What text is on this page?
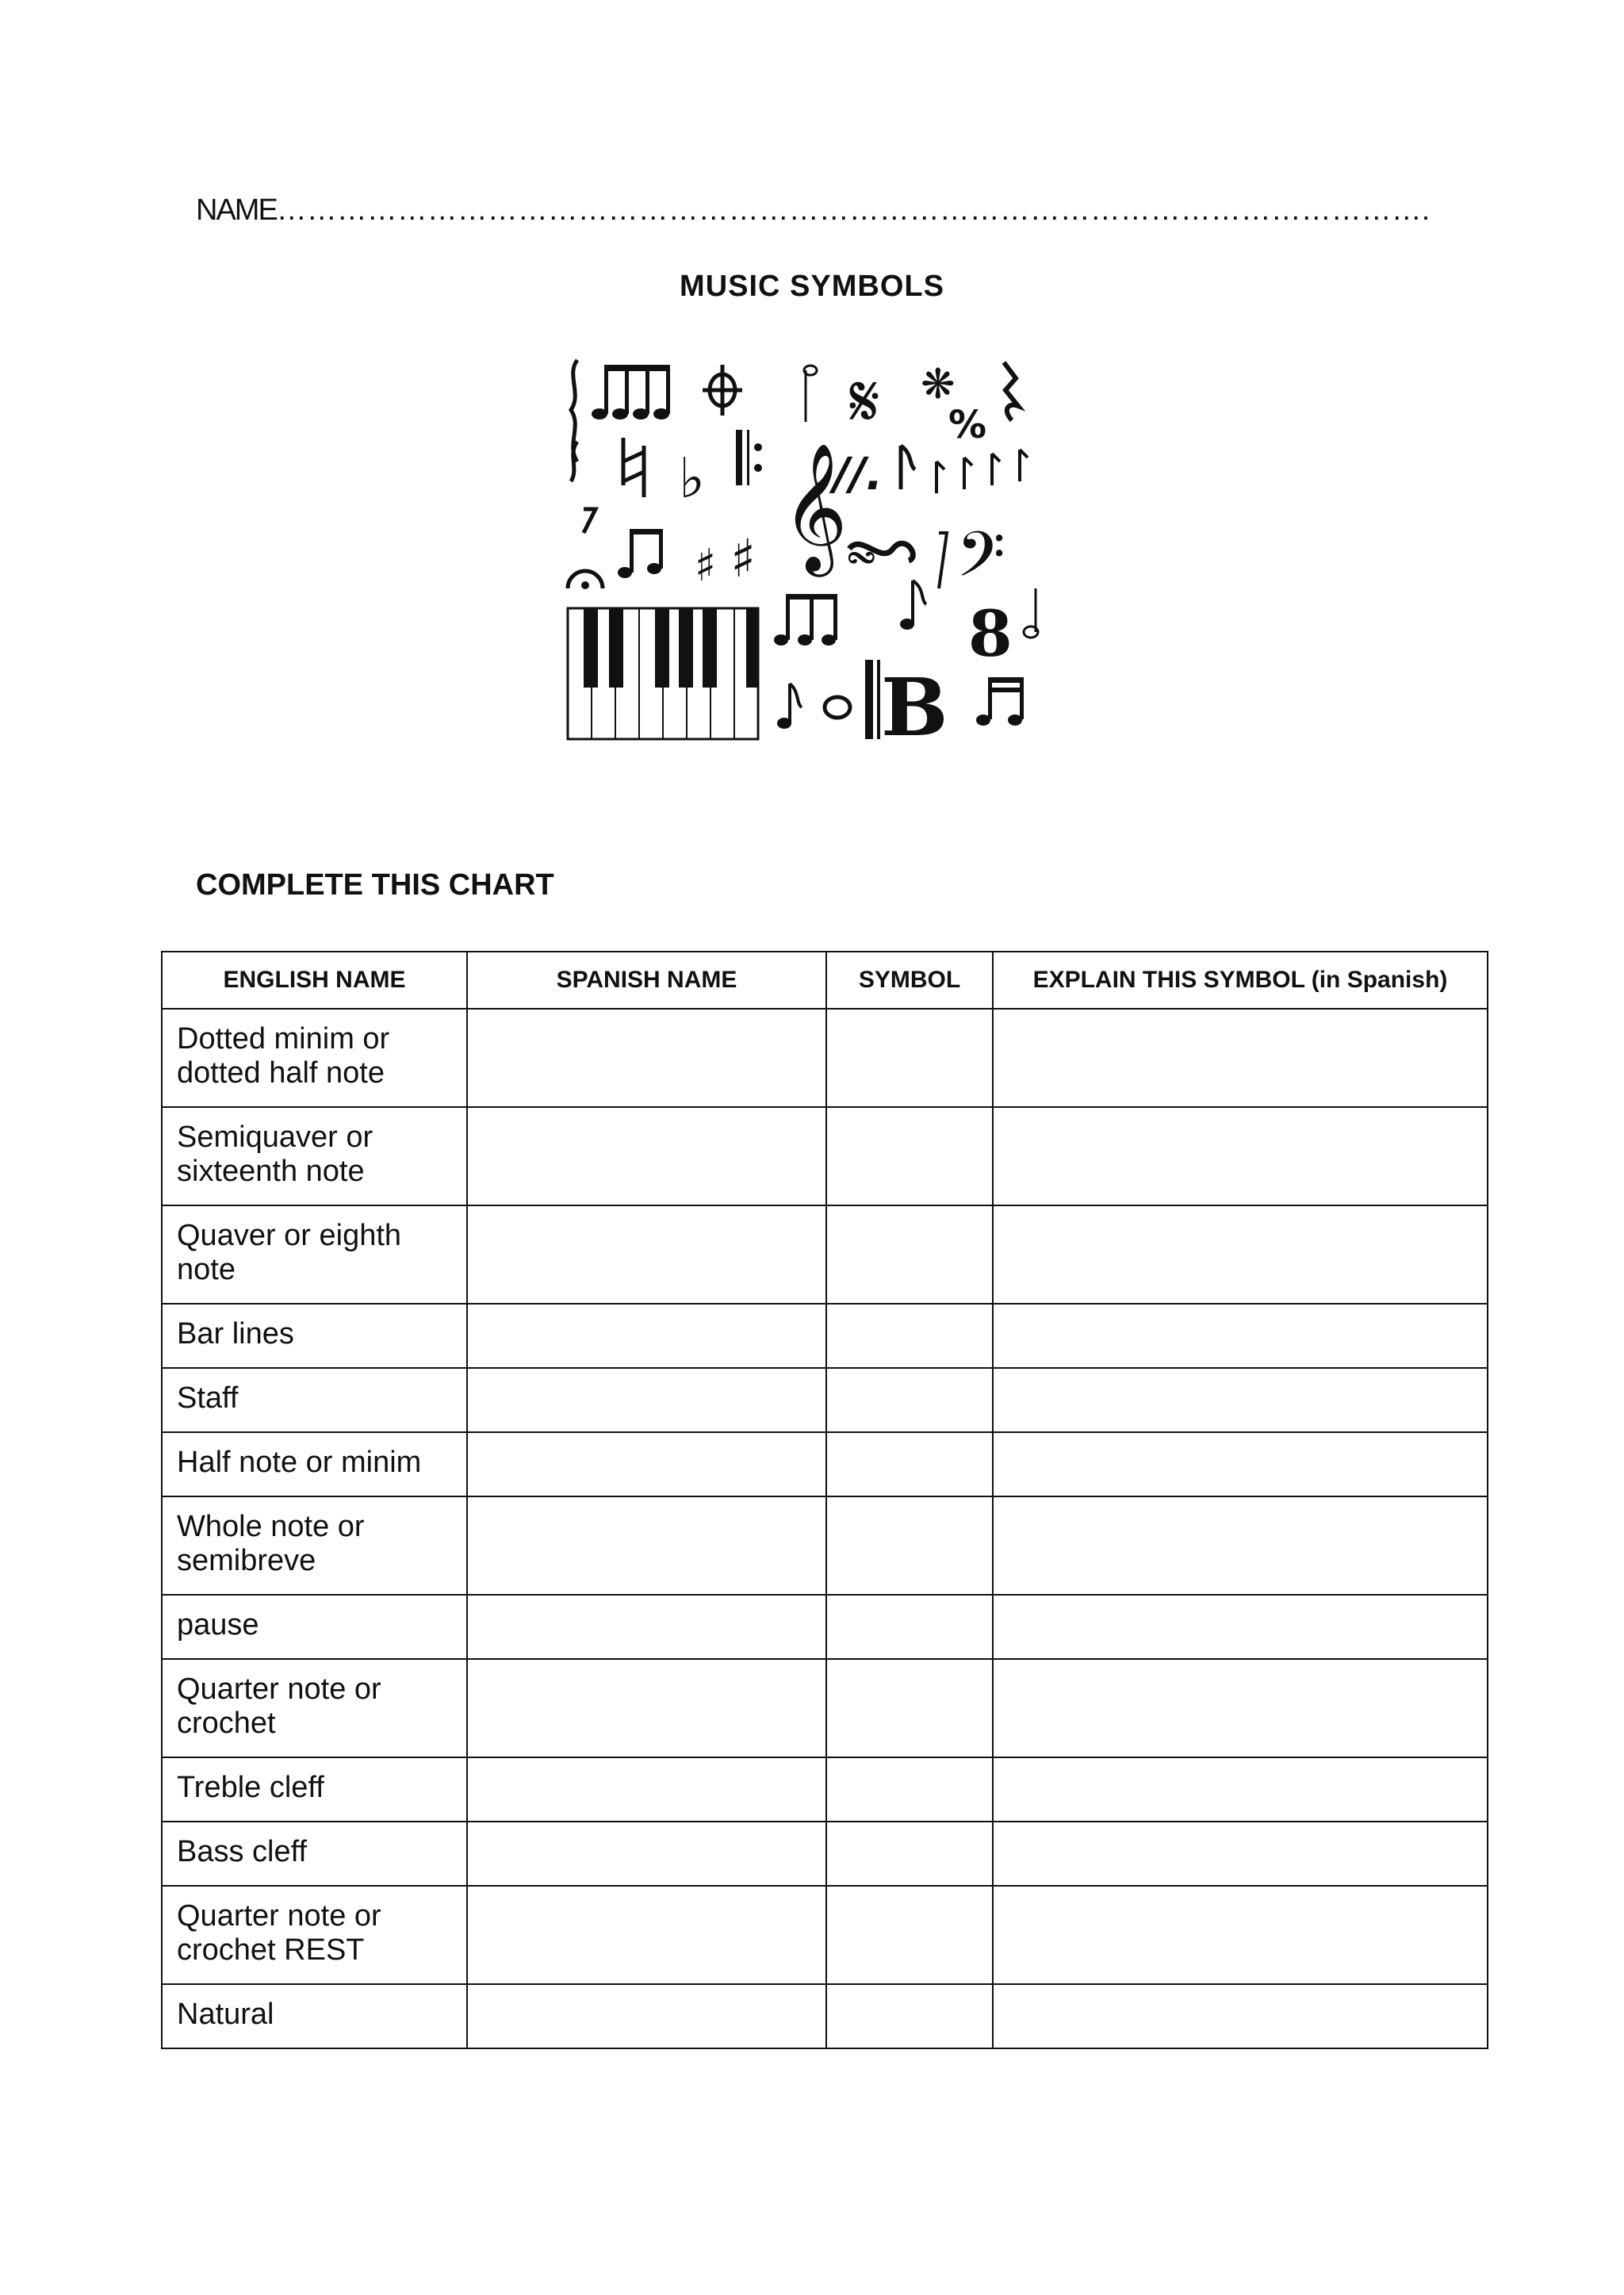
NAME…………………………………………………………………………………………………….
MUSIC SYMBOLS
𝄋 ❋
♭
%
//.
𝄞
♯ ♯ 𝆗 𝄢
8
B
COMPLETE THIS CHART
ENGLISH NAME	SPANISH NAME	SYMBOL	EXPLAIN THIS SYMBOL (in Spanish)
Dotted minim or dotted half note			
Semiquaver or sixteenth note			
Quaver or eighth note			
Bar lines			
Staff			
Half note or minim			
Whole note or semibreve			
pause			
Quarter note or crochet			
Treble cleff			
Bass cleff			
Quarter note or crochet REST			
Natural			
